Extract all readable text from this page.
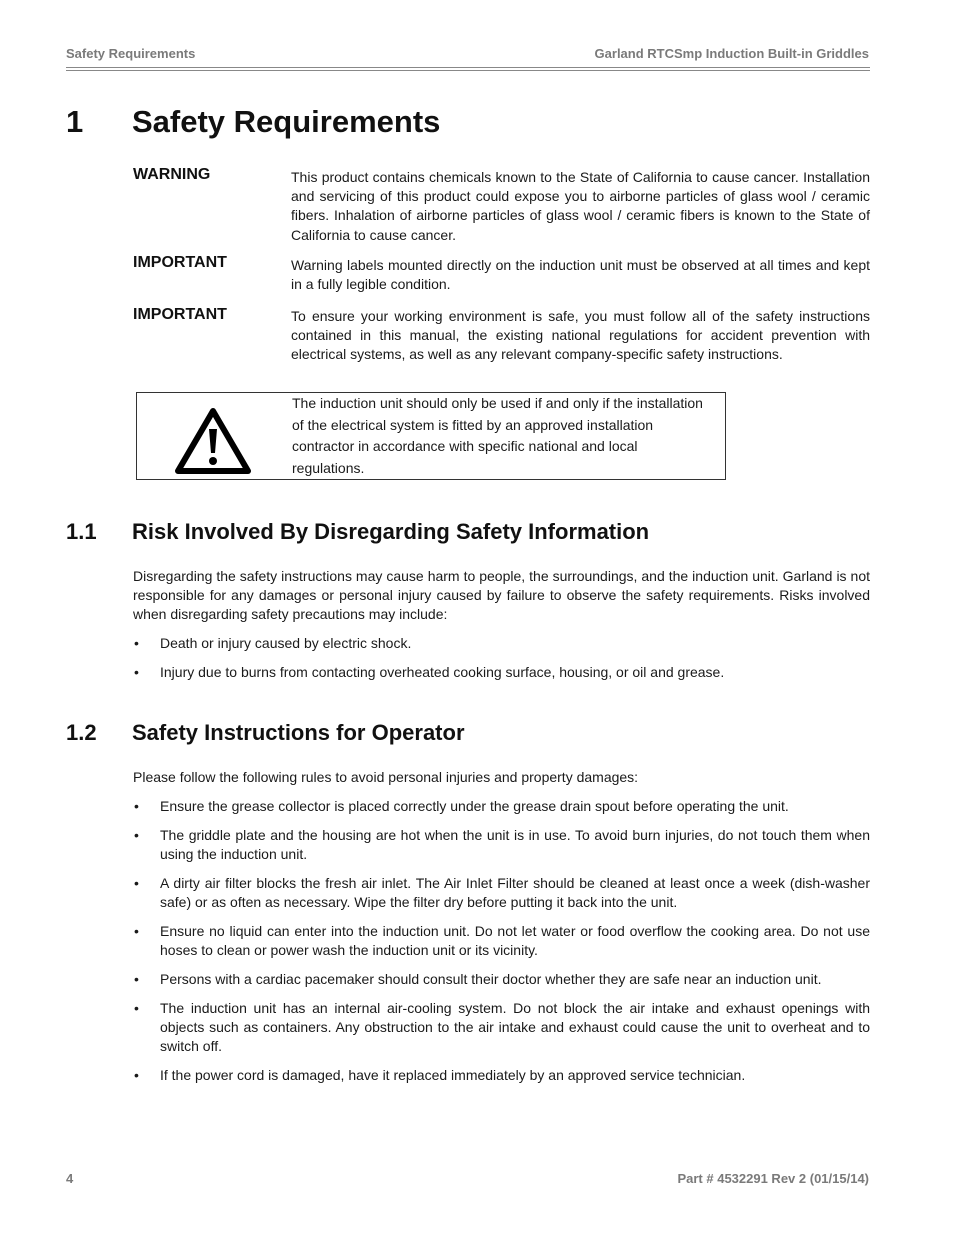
Safety Requirements	Garland RTCSmp Induction Built-in Griddles
1 Safety Requirements
WARNING	This product contains chemicals known to the State of California to cause cancer. Installation and servicing of this product could expose you to airborne particles of glass wool / ceramic fibers. Inhalation of airborne particles of glass wool / ceramic fibers is known to the State of California to cause cancer.
IMPORTANT	Warning labels mounted directly on the induction unit must be observed at all times and kept in a fully legible condition.
IMPORTANT	To ensure your working environment is safe, you must follow all of the safety instructions contained in this manual, the existing national regulations for accident prevention with electrical systems, as well as any relevant company-specific safety instructions.
The induction unit should only be used if and only if the installation of the electrical system is fitted by an approved installation contractor in accordance with specific national and local regulations.
1.1 Risk Involved By Disregarding Safety Information
Disregarding the safety instructions may cause harm to people, the surroundings, and the induction unit. Garland is not responsible for any damages or personal injury caused by failure to observe the safety requirements. Risks involved when disregarding safety precautions may include:
• Death or injury caused by electric shock.
• Injury due to burns from contacting overheated cooking surface, housing, or oil and grease.
1.2 Safety Instructions for Operator
Please follow the following rules to avoid personal injuries and property damages:
• Ensure the grease collector is placed correctly under the grease drain spout before operating the unit.
• The griddle plate and the housing are hot when the unit is in use. To avoid burn injuries, do not touch them when using the induction unit.
• A dirty air filter blocks the fresh air inlet. The Air Inlet Filter should be cleaned at least once a week (dish-washer safe) or as often as necessary. Wipe the filter dry before putting it back into the unit.
• Ensure no liquid can enter into the induction unit. Do not let water or food overflow the cooking area. Do not use hoses to clean or power wash the induction unit or its vicinity.
• Persons with a cardiac pacemaker should consult their doctor whether they are safe near an induction unit.
• The induction unit has an internal air-cooling system. Do not block the air intake and exhaust openings with objects such as containers. Any obstruction to the air intake and exhaust could cause the unit to overheat and to switch off.
• If the power cord is damaged, have it replaced immediately by an approved service technician.
4	Part # 4532291 Rev 2 (01/15/14)
